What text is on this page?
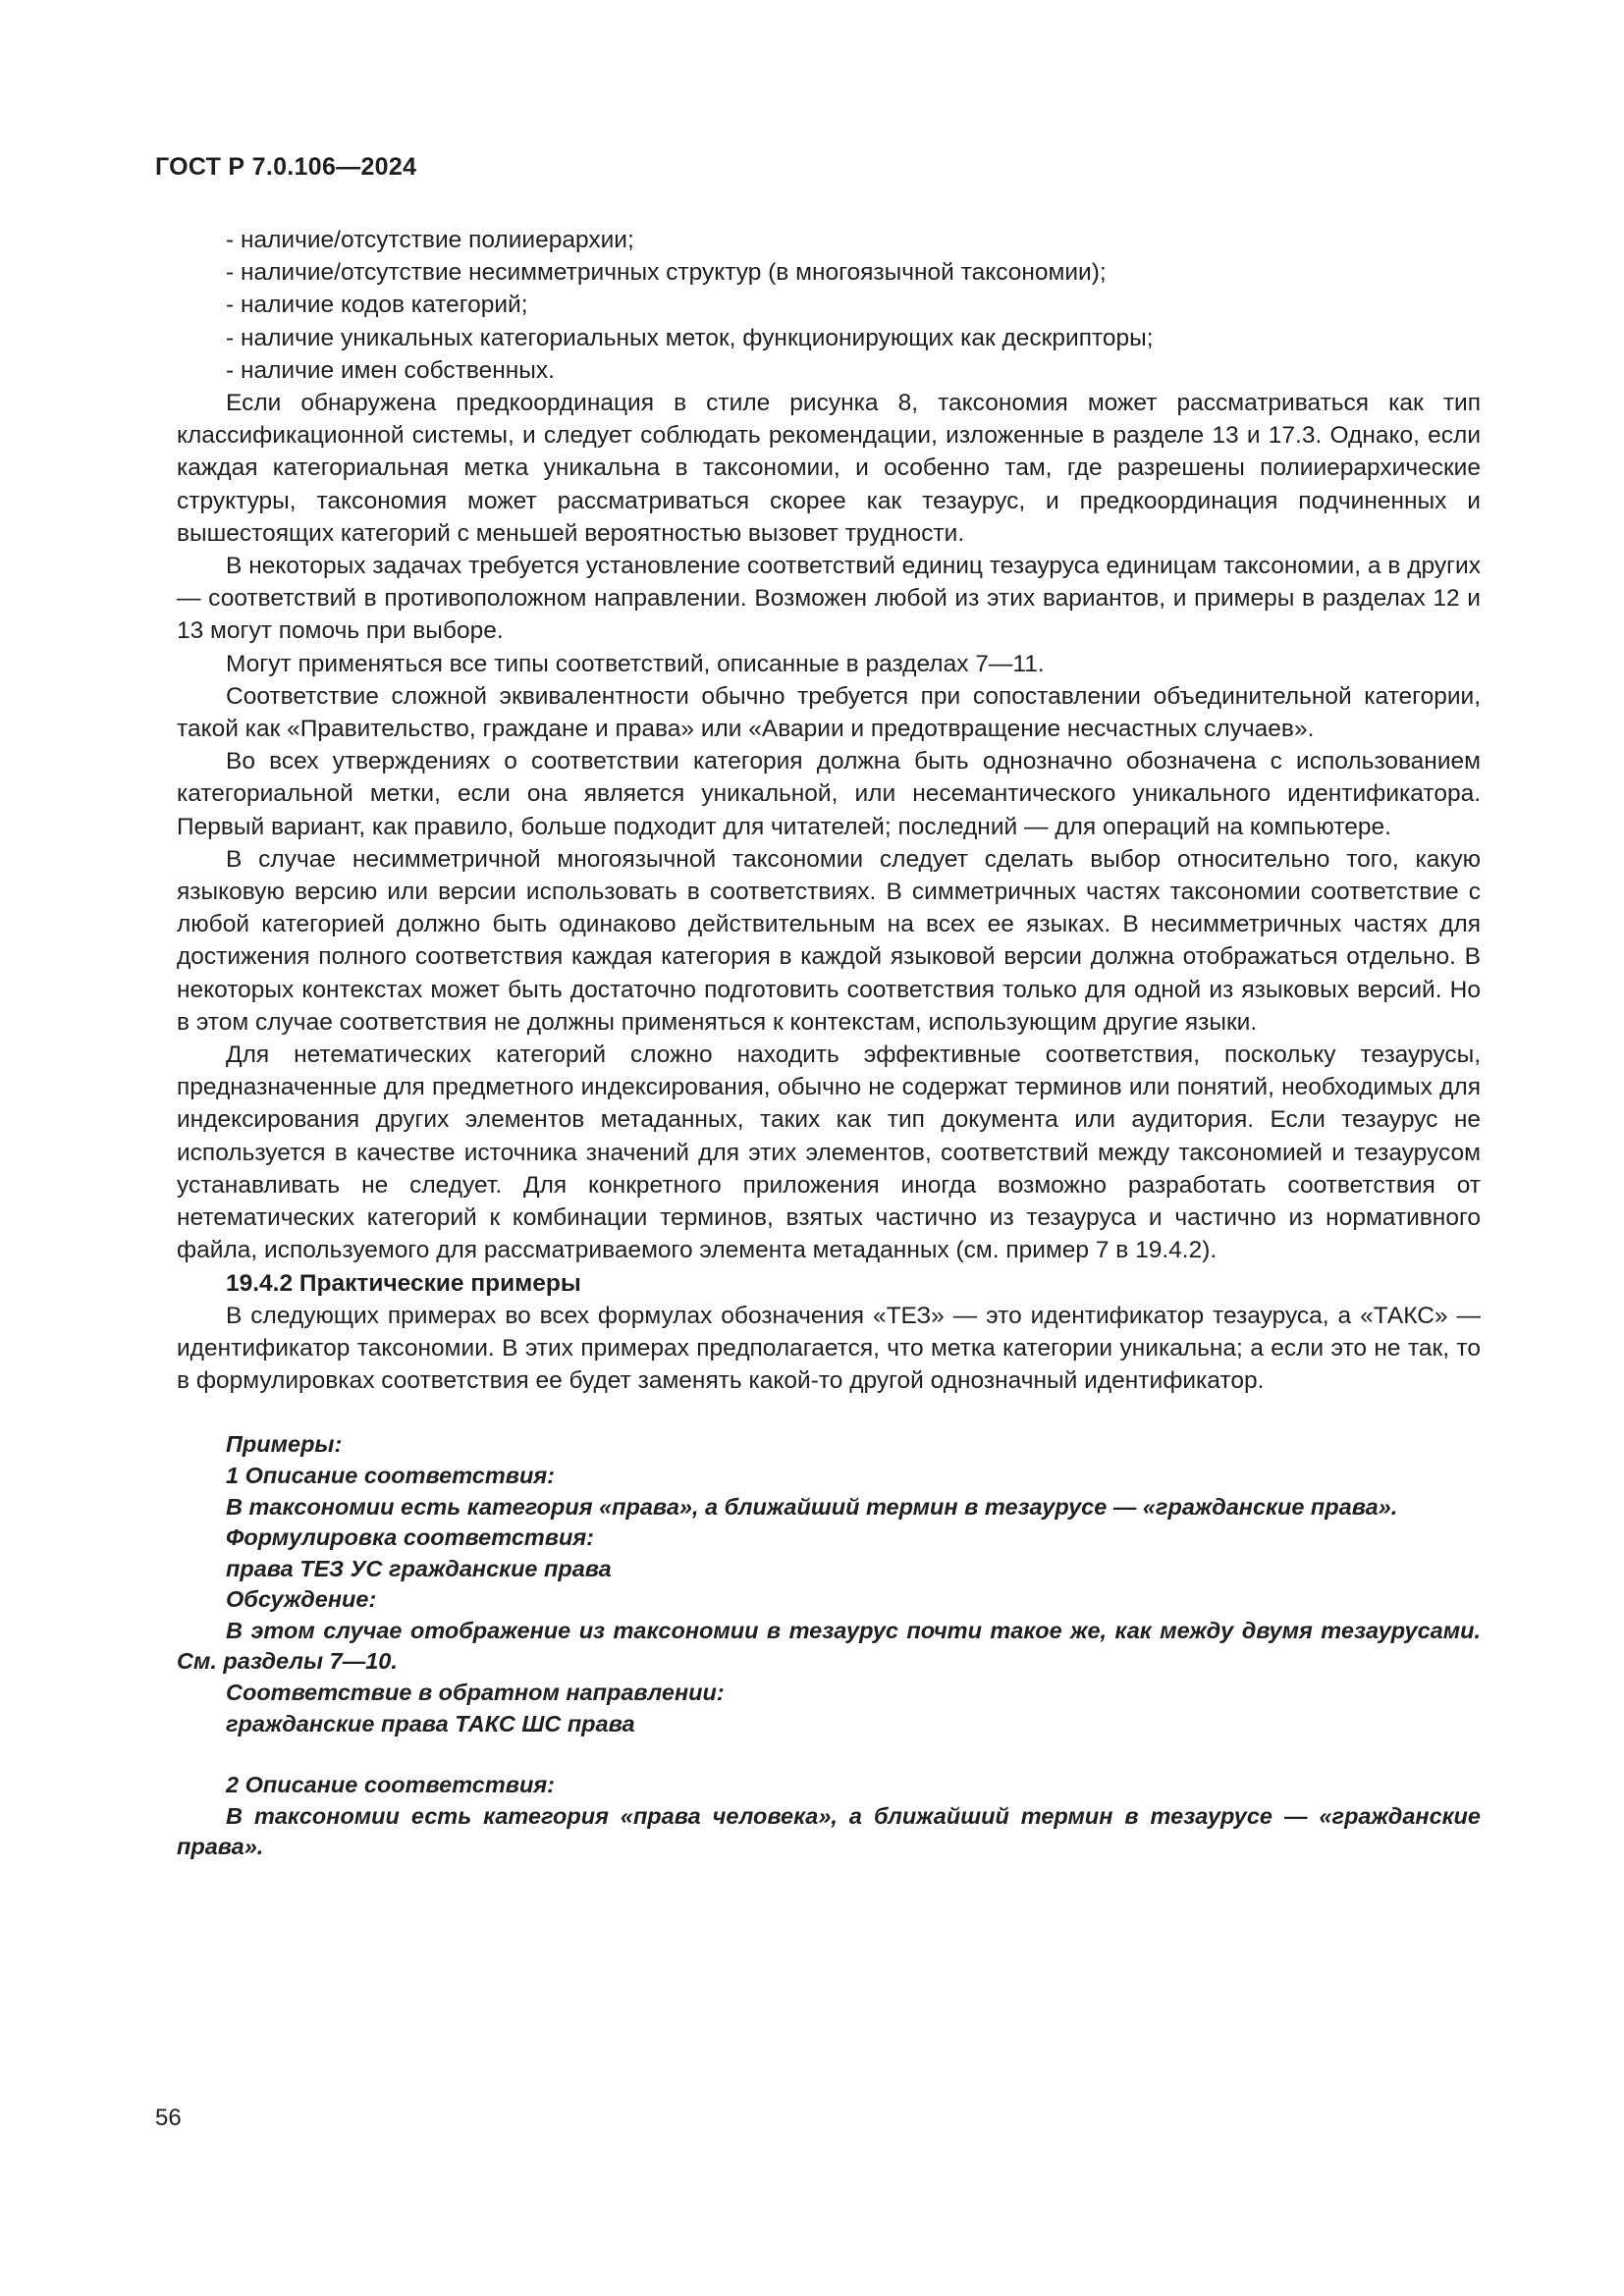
ГОСТ Р 7.0.106—2024

- наличие/отсутствие полииерархии;

- наличие/отсутствие несимметричных структур (в многоязычной таксономии);

- наличие кодов категорий;

- наличие уникальных категориальных меток, функционирующих как дескрипторы;

- наличие имен собственных.

Если обнаружена предкоординация в стиле рисунка 8, таксономия может рассматриваться как тип классификационной системы, и следует соблюдать рекомендации, изложенные в разделе 13 и 17.3. Однако, если каждая категориальная метка уникальна в таксономии, и особенно там, где разрешены полииерархические структуры, таксономия может рассматриваться скорее как тезаурус, и предкоординация подчиненных и вышестоящих категорий с меньшей вероятностью вызовет трудности.

В некоторых задачах требуется установление соответствий единиц тезауруса единицам таксономии, а в других — соответствий в противоположном направлении. Возможен любой из этих вариантов, и примеры в разделах 12 и 13 могут помочь при выборе.

Могут применяться все типы соответствий, описанные в разделах 7—11.

Соответствие сложной эквивалентности обычно требуется при сопоставлении объединительной категории, такой как «Правительство, граждане и права» или «Аварии и предотвращение несчастных случаев».

Во всех утверждениях о соответствии категория должна быть однозначно обозначена с использованием категориальной метки, если она является уникальной, или несемантического уникального идентификатора. Первый вариант, как правило, больше подходит для читателей; последний — для операций на компьютере.

В случае несимметричной многоязычной таксономии следует сделать выбор относительно того, какую языковую версию или версии использовать в соответствиях. В симметричных частях таксономии соответствие с любой категорией должно быть одинаково действительным на всех ее языках. В несимметричных частях для достижения полного соответствия каждая категория в каждой языковой версии должна отображаться отдельно. В некоторых контекстах может быть достаточно подготовить соответствия только для одной из языковых версий. Но в этом случае соответствия не должны применяться к контекстам, использующим другие языки.

Для нетематических категорий сложно находить эффективные соответствия, поскольку тезаурусы, предназначенные для предметного индексирования, обычно не содержат терминов или понятий, необходимых для индексирования других элементов метаданных, таких как тип документа или аудитория. Если тезаурус не используется в качестве источника значений для этих элементов, соответствий между таксономией и тезаурусом устанавливать не следует. Для конкретного приложения иногда возможно разработать соответствия от нетематических категорий к комбинации терминов, взятых частично из тезауруса и частично из нормативного файла, используемого для рассматриваемого элемента метаданных (см. пример 7 в 19.4.2).

19.4.2 Практические примеры

В следующих примерах во всех формулах обозначения «ТЕЗ» — это идентификатор тезауруса, а «ТАКС» — идентификатор таксономии. В этих примерах предполагается, что метка категории уникальна; а если это не так, то в формулировках соответствия ее будет заменять какой-то другой однозначный идентификатор.

Примеры:

1 Описание соответствия:

В таксономии есть категория «права», а ближайший термин в тезаурусе — «гражданские права».

Формулировка соответствия:

права ТЕЗ УС гражданские права

Обсуждение:

В этом случае отображение из таксономии в тезаурус почти такое же, как между двумя тезаурусами. См. разделы 7—10.

Соответствие в обратном направлении:

гражданские права ТАКС ШС права

2 Описание соответствия:

В таксономии есть категория «права человека», а ближайший термин в тезаурусе — «гражданские права».

56
